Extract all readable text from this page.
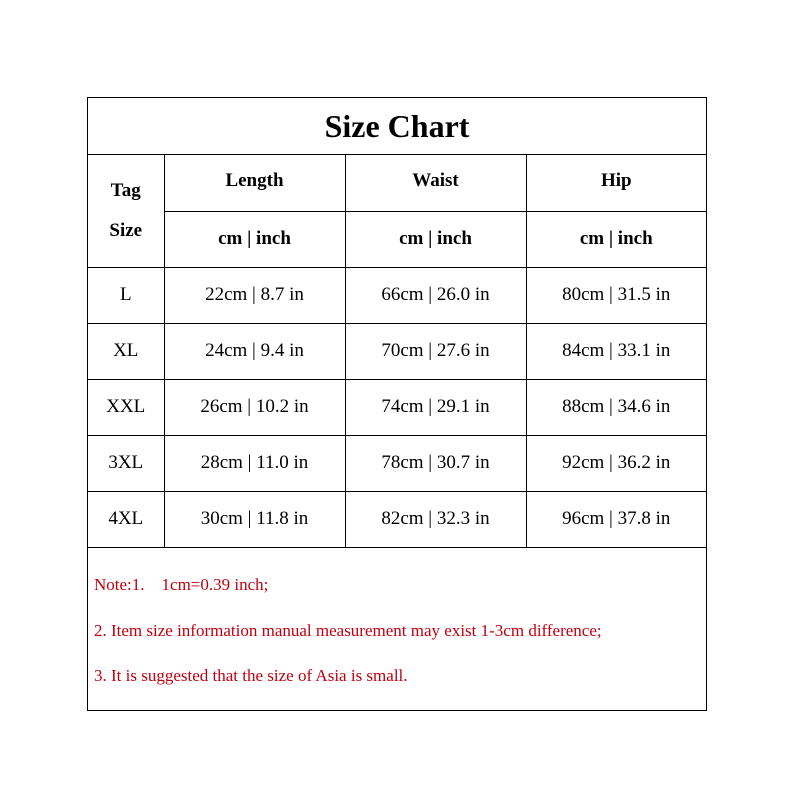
Size Chart
Tag
Size	Length	Waist	Hip
	cm | inch	cm | inch	cm | inch
L	22cm | 8.7 in	66cm | 26.0 in	80cm | 31.5 in
XL	24cm | 9.4 in	70cm | 27.6 in	84cm | 33.1 in
XXL	26cm | 10.2 in	74cm | 29.1 in	88cm | 34.6 in
3XL	28cm | 11.0 in	78cm | 30.7 in	92cm | 36.2 in
4XL	30cm | 11.8 in	82cm | 32.3 in	96cm | 37.8 in
Note:1.    1cm=0.39 inch;
2. Item size information manual measurement may exist 1-3cm difference;
3. It is suggested that the size of Asia is small.
